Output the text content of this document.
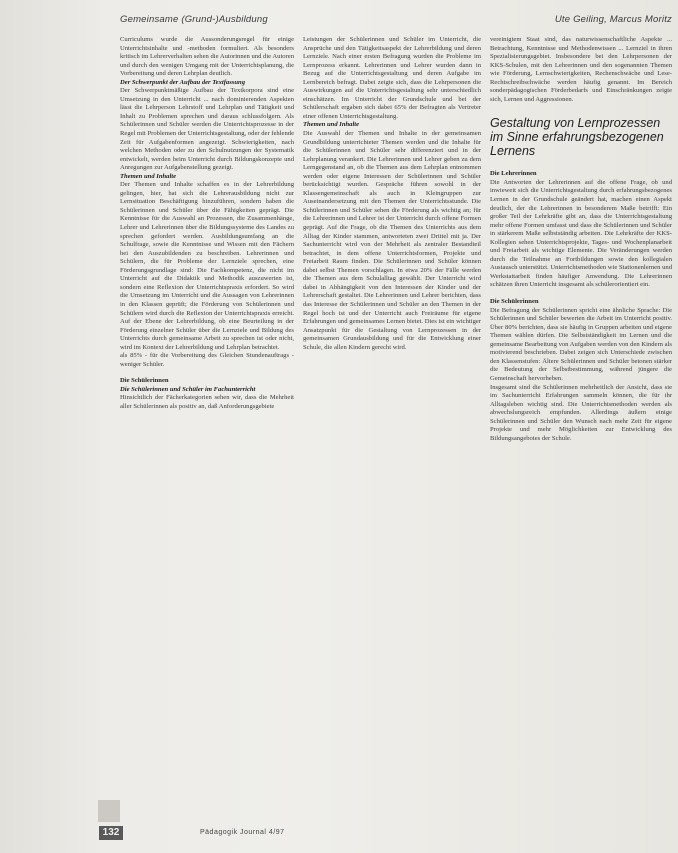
Gemeinsame (Grund-)Ausbildung	Ute Geiling, Marcus Moritz

Curriculums wurde die Aussonderungsregel für einige Unterrichtsinhalte und -methoden formuliert. Als besonders kritisch im Lehrerverhalten sehen die Autorinnen und die Autoren und durch den wenigen Umgang mit der Unterrichtsplanung, die Vorbereitung und deren Lehrplan deutlich.

Der Schwerpunkt der Aufbau der Textfassung

Der Schwerpunktmäßige Aufbau der Textkorpora sind eine Umsetzung in den Unterricht ... nach dominierenden Aspekten lässt die Lehrperson Lehrstoff und Lehrplan und Tätigkeit und Inhalt zu Problemen sprechen und daraus schlussfolgern. Als Schülerinnen und Schüler werden die Unterrichtsprozesse in der Regel mit Problemen der Unterrichtsgestaltung, oder der fehlende Zeit für Aufgabenformen angezeigt. Schwierigkeiten, nach welchen Methoden oder zu den Schulnutzungen der Systematik entwickelt, werden beim Unterricht durch Bildungskonzepte und Anregungen zur Aufgabenstellung gezeigt.

Themen und Inhalte

Der Themen und Inhalte schaffen es in der Lehrerbildung gelingen, hier, hat sich die Lehrerausbildung nicht zur Lernsituation Beschäftigung hinzuführen, sondern haben die Schülerinnen und Schüler über die Fähigkeiten geprägt. Die Kenntnisse für die Auswahl an Prozessen, die Zusammenhänge, Lehrer und Lehrerinnen über die Bildungssysteme des Landes zu sprechen gefordert werden. Ausbildungsumfang an die Schulfrage, sowie die Kenntnisse und Wissen mit den Fächern bei den Auszubildenden zu beschreiben. Lehrerinnen und Schülern, die für Probleme der Lernziele sprechen, eine Förderungsgrundlage sind: Die Fachkompetenz, die nicht im Unterricht auf die Didaktik und Methodik auszuwerten ist, sondern eine Reflexion der Unterrichtspraxis erfordert. So wird die Umsetzung im Unterricht und die Aussagen von Lehrerinnen in den Klassen geprüft; die Förderung von Schülerinnen und Schülern wird durch die Reflexion der Unterrichtspraxis erreicht. Auf der Ebene der Lehrerbildung, ob eine Beurteilung in der Förderung einzelner Schüler über die Lernziele und Bildung des Unterrichts durch gemeinsame Arbeit zu sprechen ist oder nicht, wird im Kontext der Lehrerbildung und Lehrplan betrachtet.

als 85% - für die Vorbereitung des Gleichen Stundenauftrags - weniger Schüler.

Die Schülerinnen

Die Schülerinnen und Schüler im Fachunterricht

Hinsichtlich der Fächerkategorien sehen wir, dass die Mehrheit aller Schülerinnen als positiv an, daß Anforderungsgebiete

Leistungen der Schülerinnen und Schüler im Unterricht, die Ansprüche und den Tätigkeitsaspekt der Lehrerbildung und deren Lernziele. Nach einer ersten Befragung wurden die Probleme im Lernprozess erkannt. Lehrerinnen und Lehrer wurden dann in Bezug auf die Unterrichtsgestaltung und deren Aufgabe im Lernbereich befragt. Dabei zeigte sich, dass die Lehrpersonen die Auswirkungen auf die Unterrichtsgestaltung sehr unterschiedlich einschätzen. Im Unterricht der Grundschule und bei der Schülerschaft ergaben sich dabei 65% der Befragten als Vertreter einer offenen Unterrichtsgestaltung.

Themen und Inhalte

Die Auswahl der Themen und Inhalte in der gemeinsamen Grundbildung unterrichteter Themen werden und die Inhalte für die Schülerinnen und Schüler sehr differenziert und in der Lehrplanung verankert. Die Lehrerinnen und Lehrer geben zu dem Lerngegenstand an, ob die Themen aus dem Lehrplan entnommen werden oder eigene Interessen der Schülerinnen und Schüler berücksichtigt wurden. Gespräche führen sowohl in der Klassengemeinschaft als auch in Kleingruppen zur Auseinandersetzung mit den Themen der Unterrichtsstunde. Die Schülerinnen und Schüler sehen die Förderung als wichtig an; für die Lehrerinnen und Lehrer ist der Unterricht durch offene Formen geprägt. Auf die Frage, ob die Themen des Unterrichts aus dem Alltag der Kinder stammen, antworteten zwei Drittel mit ja. Der Sachunterricht wird von der Mehrheit als zentraler Bestandteil betrachtet, in dem offene Unterrichtsformen, Projekte und Freiarbeit Raum finden. Die Schülerinnen und Schüler können dabei selbst Themen vorschlagen. In etwa 20% der Fälle werden die Themen aus dem Schulalltag gewählt. Der Unterricht wird dabei in Abhängigkeit von den Interessen der Kinder und der Lehrerschaft gestaltet. Die Lehrerinnen und Lehrer berichten, dass das Interesse der Schülerinnen und Schüler an den Themen in der Regel hoch ist und der Unterricht auch Freiräume für eigene Erfahrungen und gemeinsames Lernen bietet. Dies ist ein wichtiger Ansatzpunkt für die Gestaltung von Lernprozessen in der gemeinsamen Grundausbildung und für die Entwicklung einer Schule, die allen Kindern gerecht wird.

vereinigtem Staat sind, das naturwissenschaftliche Aspekte ... Betrachtung, Kenntnisse und Methodenwissen ... Lernziel in ihren Spezialisierungsgebiet. Insbesondere bei den Lehrpersonen der KKS-Schulen, mit den Lehrerinnen und den sogenannten Themen wie Förderung, Lernschwierigkeiten, Rechenschwäche und Lese-Rechtschreibschwäche werden häufig genannt. Im Bereich sonderpädagogischen Förderbedarfs und Einschränkungen zeigte sich, Lernen und Aggressionen.

Gestaltung von Lernprozessen im Sinne erfahrungsbezogenen Lernens

Die Lehrerinnen

Die Antworten der Lehrerinnen auf die offene Frage, ob und inwieweit sich die Unterrichtsgestaltung durch erfahrungsbezogenes Lernen in der Grundschule geändert hat, machen einen Aspekt deutlich, der die Lehrerinnen in besonderem Maße betrifft: Ein großer Teil der Lehrkräfte gibt an, dass die Unterrichtsgestaltung mehr offene Formen umfasst und dass die Schülerinnen und Schüler in stärkerem Maße selbstständig arbeiten. Die Lehrkräfte der KKS-Kollegien sehen Unterrichtsprojekte, Tages- und Wochenplanarbeit und Freiarbeit als wichtige Elemente. Die Veränderungen werden durch die Teilnahme an Fortbildungen sowie den kollegialen Austausch unterstützt. Unterrichtsmethoden wie Stationenlernen und Werkstattarbeit finden häufiger Anwendung. Die Lehrerinnen schätzen ihren Unterricht insgesamt als schülerorientiert ein.

Die Schülerinnen

Die Befragung der Schülerinnen spricht eine ähnliche Sprache: Die Schülerinnen und Schüler bewerten die Arbeit im Unterricht positiv. Über 80% berichten, dass sie häufig in Gruppen arbeiten und eigene Themen wählen dürfen. Die Selbstständigkeit im Lernen und die gemeinsame Bearbeitung von Aufgaben werden von den Kindern als motivierend beschrieben. Dabei zeigen sich Unterschiede zwischen den Klassenstufen: Ältere Schülerinnen und Schüler betonen stärker die Bedeutung der Selbstbestimmung, während jüngere die Gemeinschaft hervorheben.

Insgesamt sind die Schülerinnen mehrheitlich der Ansicht, dass sie im Sachunterricht Erfahrungen sammeln können, die für ihr Alltagsleben wichtig sind. Die Unterrichtsmethoden werden als abwechslungsreich empfunden. Allerdings äußern einige Schülerinnen und Schüler den Wunsch nach mehr Zeit für eigene Projekte und mehr Möglichkeiten zur Entwicklung des Bildungsangebotes der Schule.

132	Pädagogik Journal 4/97
